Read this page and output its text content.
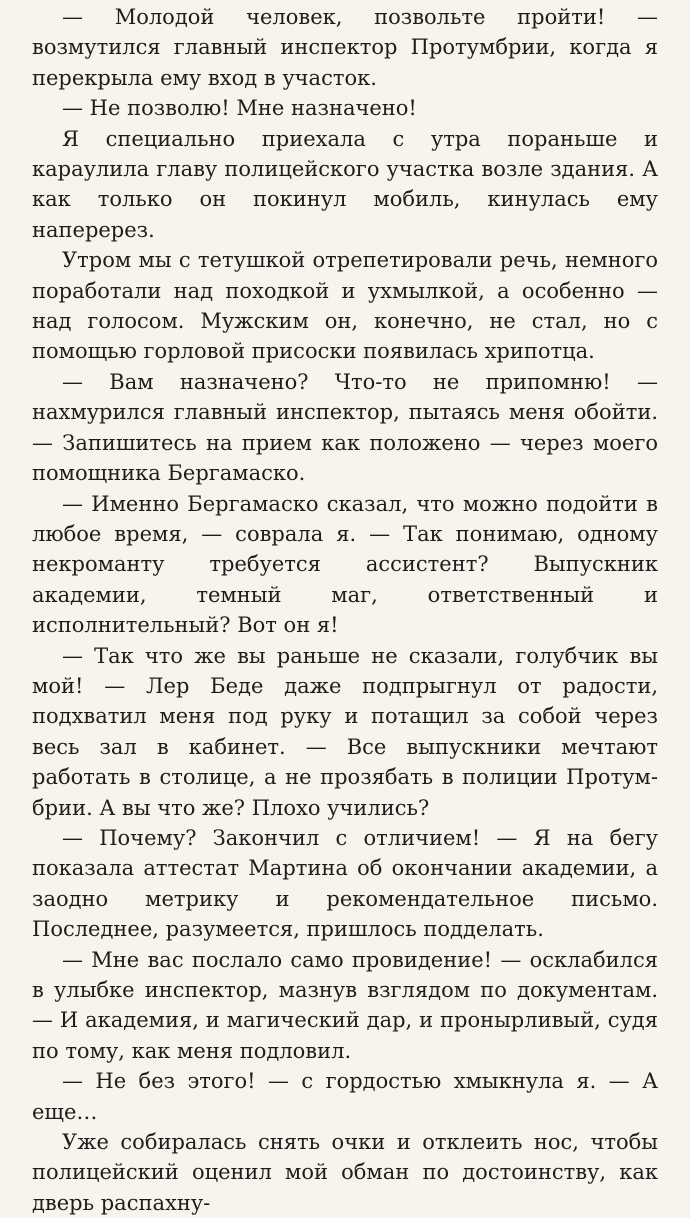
— Молодой человек, позвольте пройти! — возмутился главный инспектор Протумбрии, когда я перекрыла ему вход в участок.

— Не позволю! Мне назначено!

Я специально приехала с утра пораньше и караулила главу полицейского участка возле здания. А как только он покинул мобиль, кинулась ему наперерез.

Утром мы с тетушкой отрепетировали речь, немного поработали над походкой и ухмылкой, а особенно — над голосом. Мужским он, конечно, не стал, но с помощью горловой присоски появилась хрипотца.

— Вам назначено? Что-то не припомню! — нахмурился главный инспектор, пытаясь меня обойти. — Запишитесь на прием как положено — через моего помощника Бергамаско.

— Именно Бергамаско сказал, что можно подойти в любое время, — соврала я. — Так понимаю, одному некроманту требуется ассистент? Выпускник академии, темный маг, ответственный и исполнительный? Вот он я!

— Так что же вы раньше не сказали, голубчик вы мой! — Лер Беде даже подпрыгнул от радости, подхватил меня под руку и потащил за собой через весь зал в кабинет. — Все выпускники мечтают работать в столице, а не прозябать в полиции Протумбрии. А вы что же? Плохо учились?

— Почему? Закончил с отличием! — Я на бегу показала аттестат Мартина об окончании академии, а заодно метрику и рекомендательное письмо. Последнее, разумеется, пришлось подделать.

— Мне вас послало само провидение! — осклабился в улыбке инспектор, мазнув взглядом по документам. — И академия, и магический дар, и пронырливый, судя по тому, как меня подловил.

— Не без этого! — с гордостью хмыкнула я. — А еще…

Уже собиралась снять очки и отклеить нос, чтобы полицейский оценил мой обман по достоинству, как дверь распахну-
